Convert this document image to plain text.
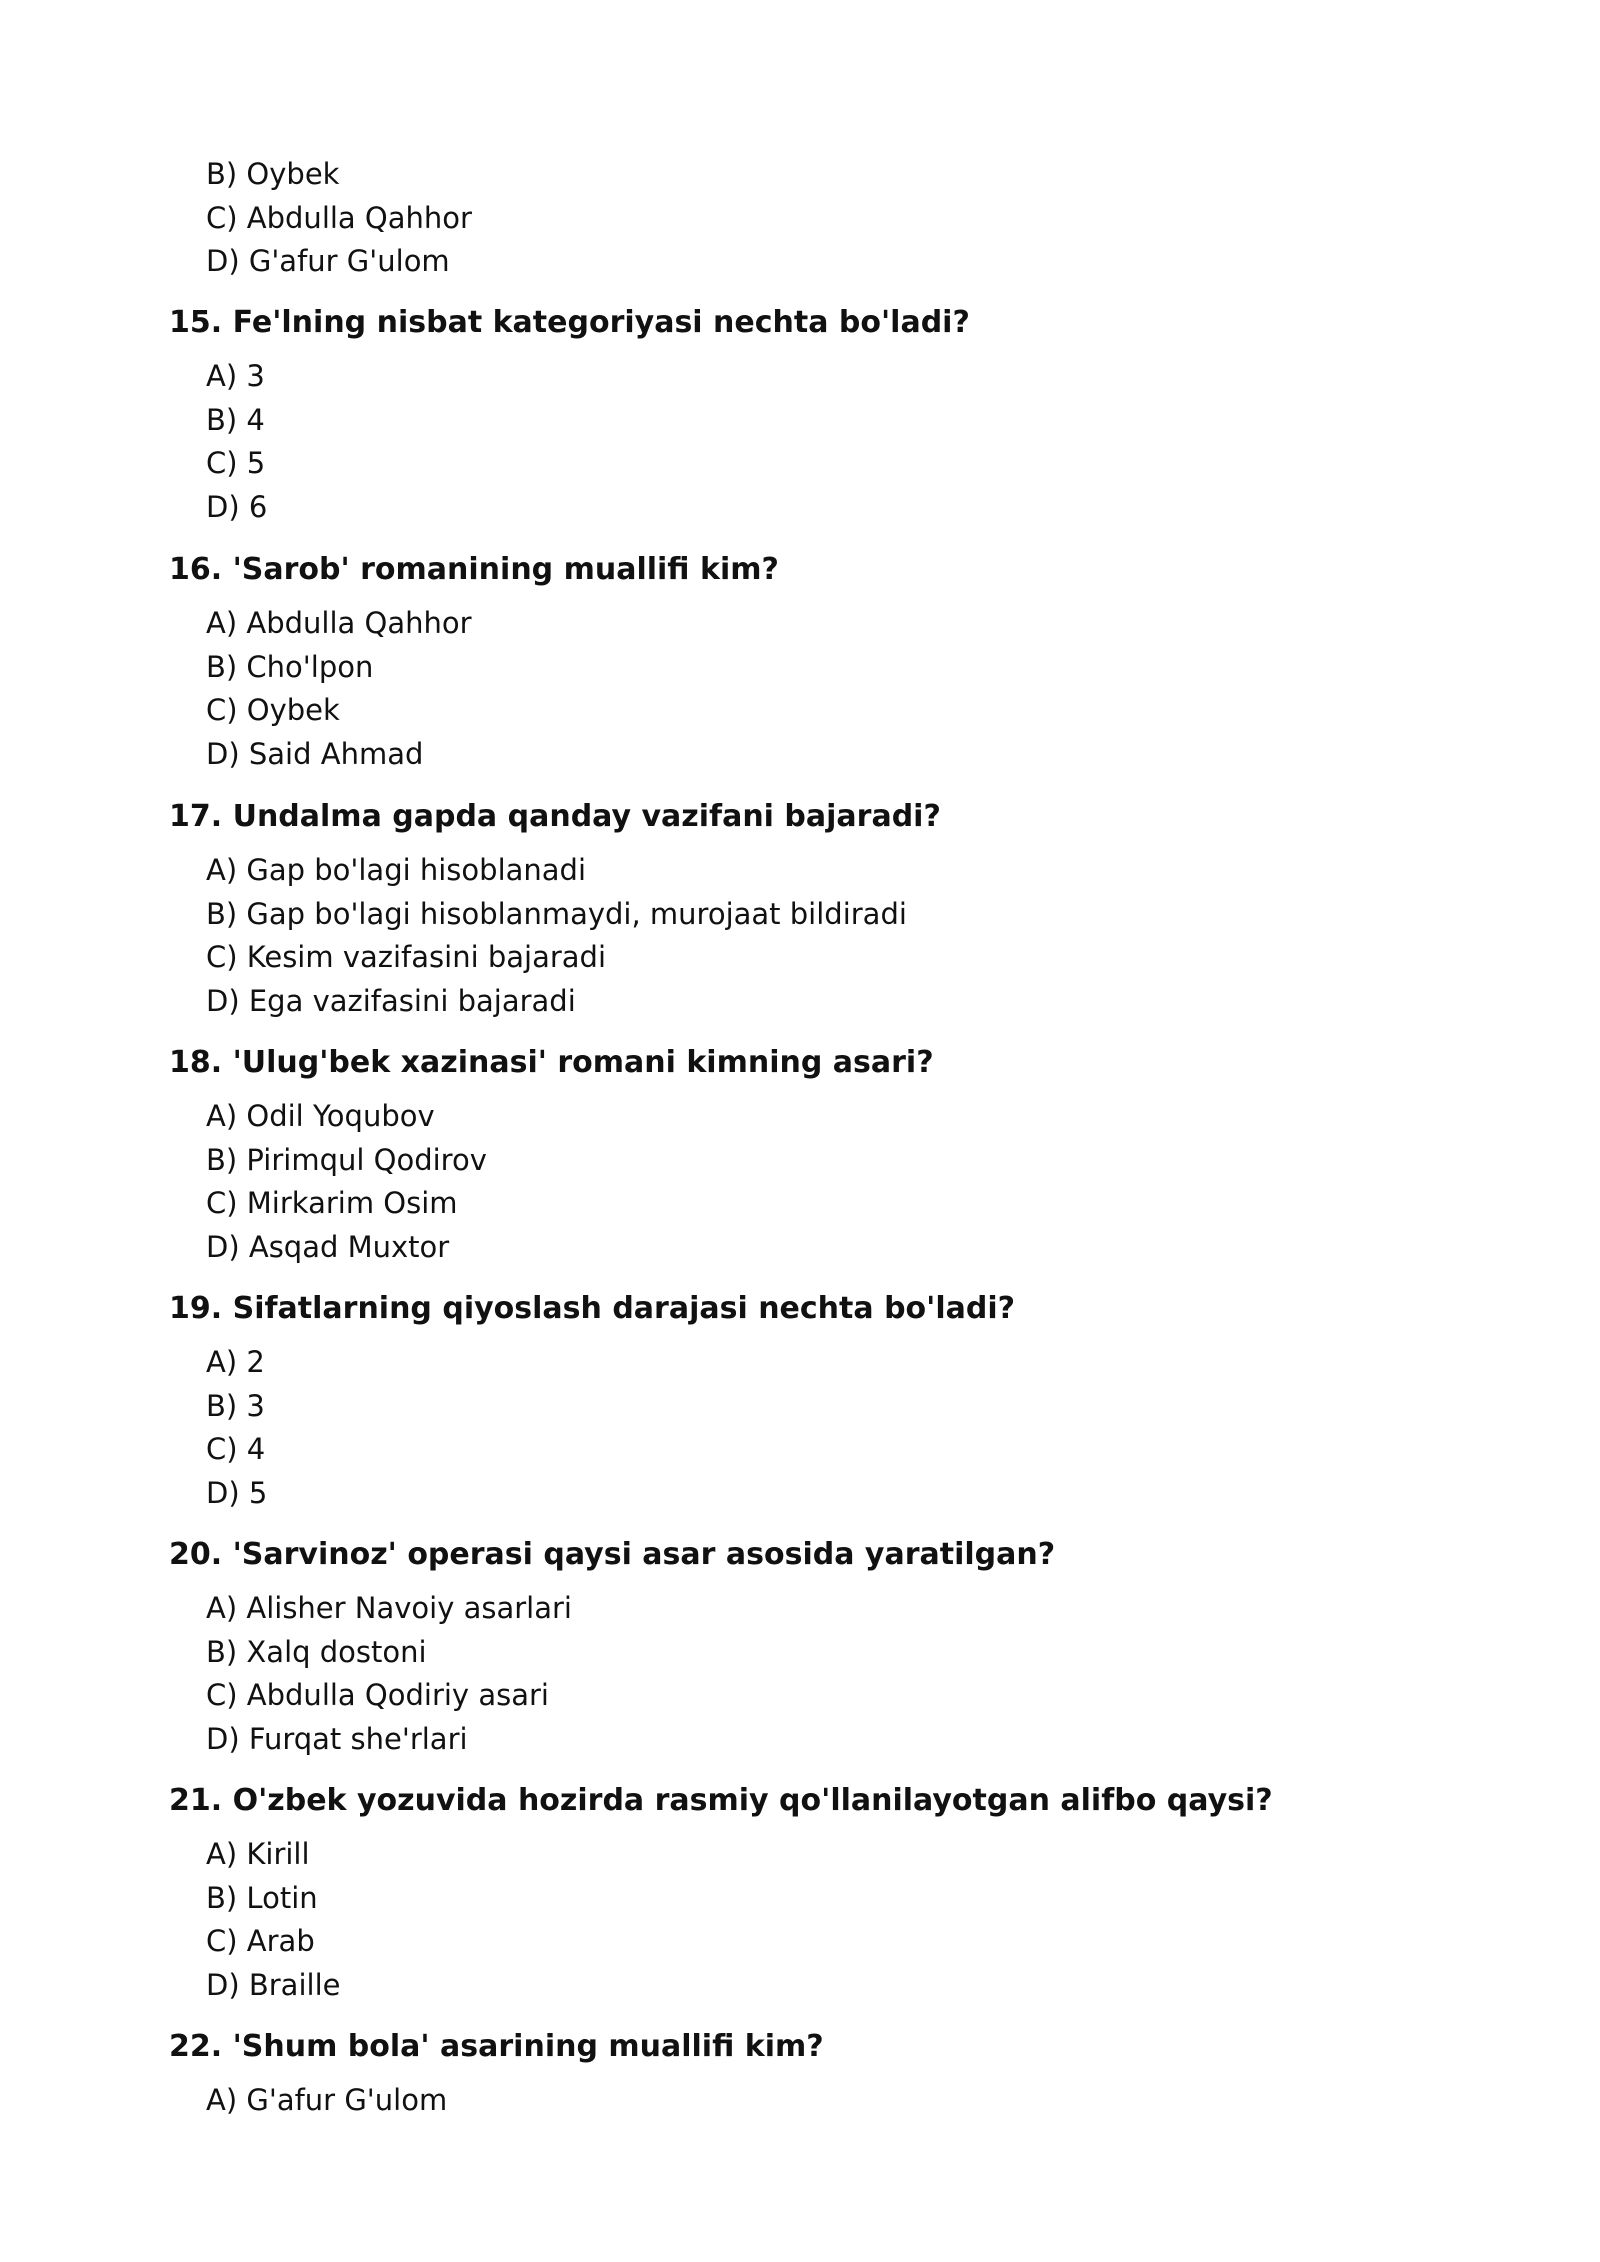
B) Oybek
C) Abdulla Qahhor
D) G'afur G'ulom
15. Fe'lning nisbat kategoriyasi nechta bo'ladi?
A) 3
B) 4
C) 5
D) 6
16. 'Sarob' romanining muallifi kim?
A) Abdulla Qahhor
B) Cho'lpon
C) Oybek
D) Said Ahmad
17. Undalma gapda qanday vazifani bajaradi?
A) Gap bo'lagi hisoblanadi
B) Gap bo'lagi hisoblanmaydi, murojaat bildiradi
C) Kesim vazifasini bajaradi
D) Ega vazifasini bajaradi
18. 'Ulug'bek xazinasi' romani kimning asari?
A) Odil Yoqubov
B) Pirimqul Qodirov
C) Mirkarim Osim
D) Asqad Muxtor
19. Sifatlarning qiyoslash darajasi nechta bo'ladi?
A) 2
B) 3
C) 4
D) 5
20. 'Sarvinoz' operasi qaysi asar asosida yaratilgan?
A) Alisher Navoiy asarlari
B) Xalq dostoni
C) Abdulla Qodiriy asari
D) Furqat she'rlari
21. O'zbek yozuvida hozirda rasmiy qo'llanilayotgan alifbo qaysi?
A) Kirill
B) Lotin
C) Arab
D) Braille
22. 'Shum bola' asarining muallifi kim?
A) G'afur G'ulom
